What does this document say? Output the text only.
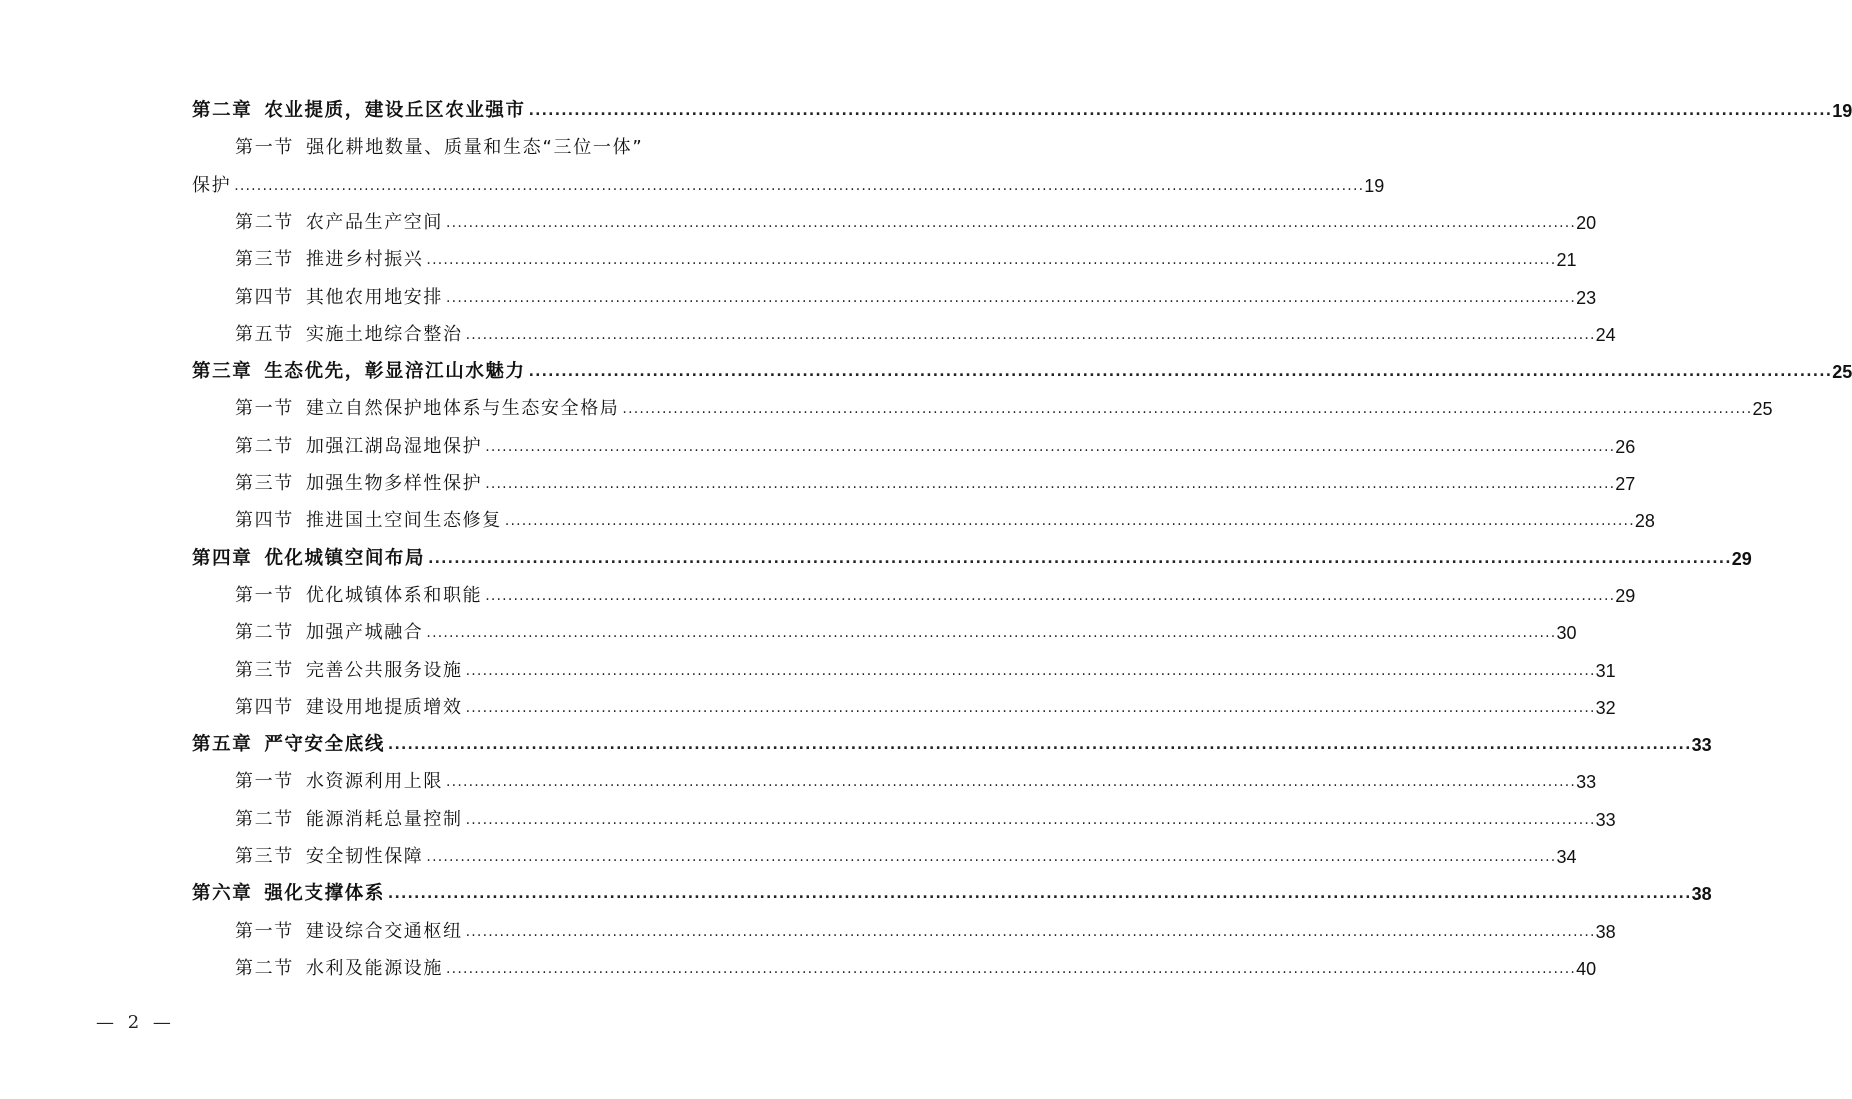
第二章 农业提质，建设丘区农业强市 ........................................................................................................................................................................................................ 19
第一节 强化耕地数量、质量和生态“三位一体”
保护 ........................................................................................................................................................................................................ 19
第二节 农产品生产空间 ........................................................................................................................................................................................................ 20
第三节 推进乡村振兴 ........................................................................................................................................................................................................ 21
第四节 其他农用地安排 ........................................................................................................................................................................................................ 23
第五节 实施土地综合整治 ........................................................................................................................................................................................................ 24
第三章 生态优先，彰显涪江山水魅力 ........................................................................................................................................................................................................ 25
第一节 建立自然保护地体系与生态安全格局 ........................................................................................................................................................................................................ 25
第二节 加强江湖岛湿地保护 ........................................................................................................................................................................................................ 26
第三节 加强生物多样性保护 ........................................................................................................................................................................................................ 27
第四节 推进国土空间生态修复 ........................................................................................................................................................................................................ 28
第四章 优化城镇空间布局 ........................................................................................................................................................................................................ 29
第一节 优化城镇体系和职能 ........................................................................................................................................................................................................ 29
第二节 加强产城融合 ........................................................................................................................................................................................................ 30
第三节 完善公共服务设施 ........................................................................................................................................................................................................ 31
第四节 建设用地提质增效 ........................................................................................................................................................................................................ 32
第五章 严守安全底线 ........................................................................................................................................................................................................ 33
第一节 水资源利用上限 ........................................................................................................................................................................................................ 33
第二节 能源消耗总量控制 ........................................................................................................................................................................................................ 33
第三节 安全韧性保障 ........................................................................................................................................................................................................ 34
第六章 强化支撑体系 ........................................................................................................................................................................................................ 38
第一节 建设综合交通枢纽 ........................................................................................................................................................................................................ 38
第二节 水利及能源设施 ........................................................................................................................................................................................................ 40
— 2 —
